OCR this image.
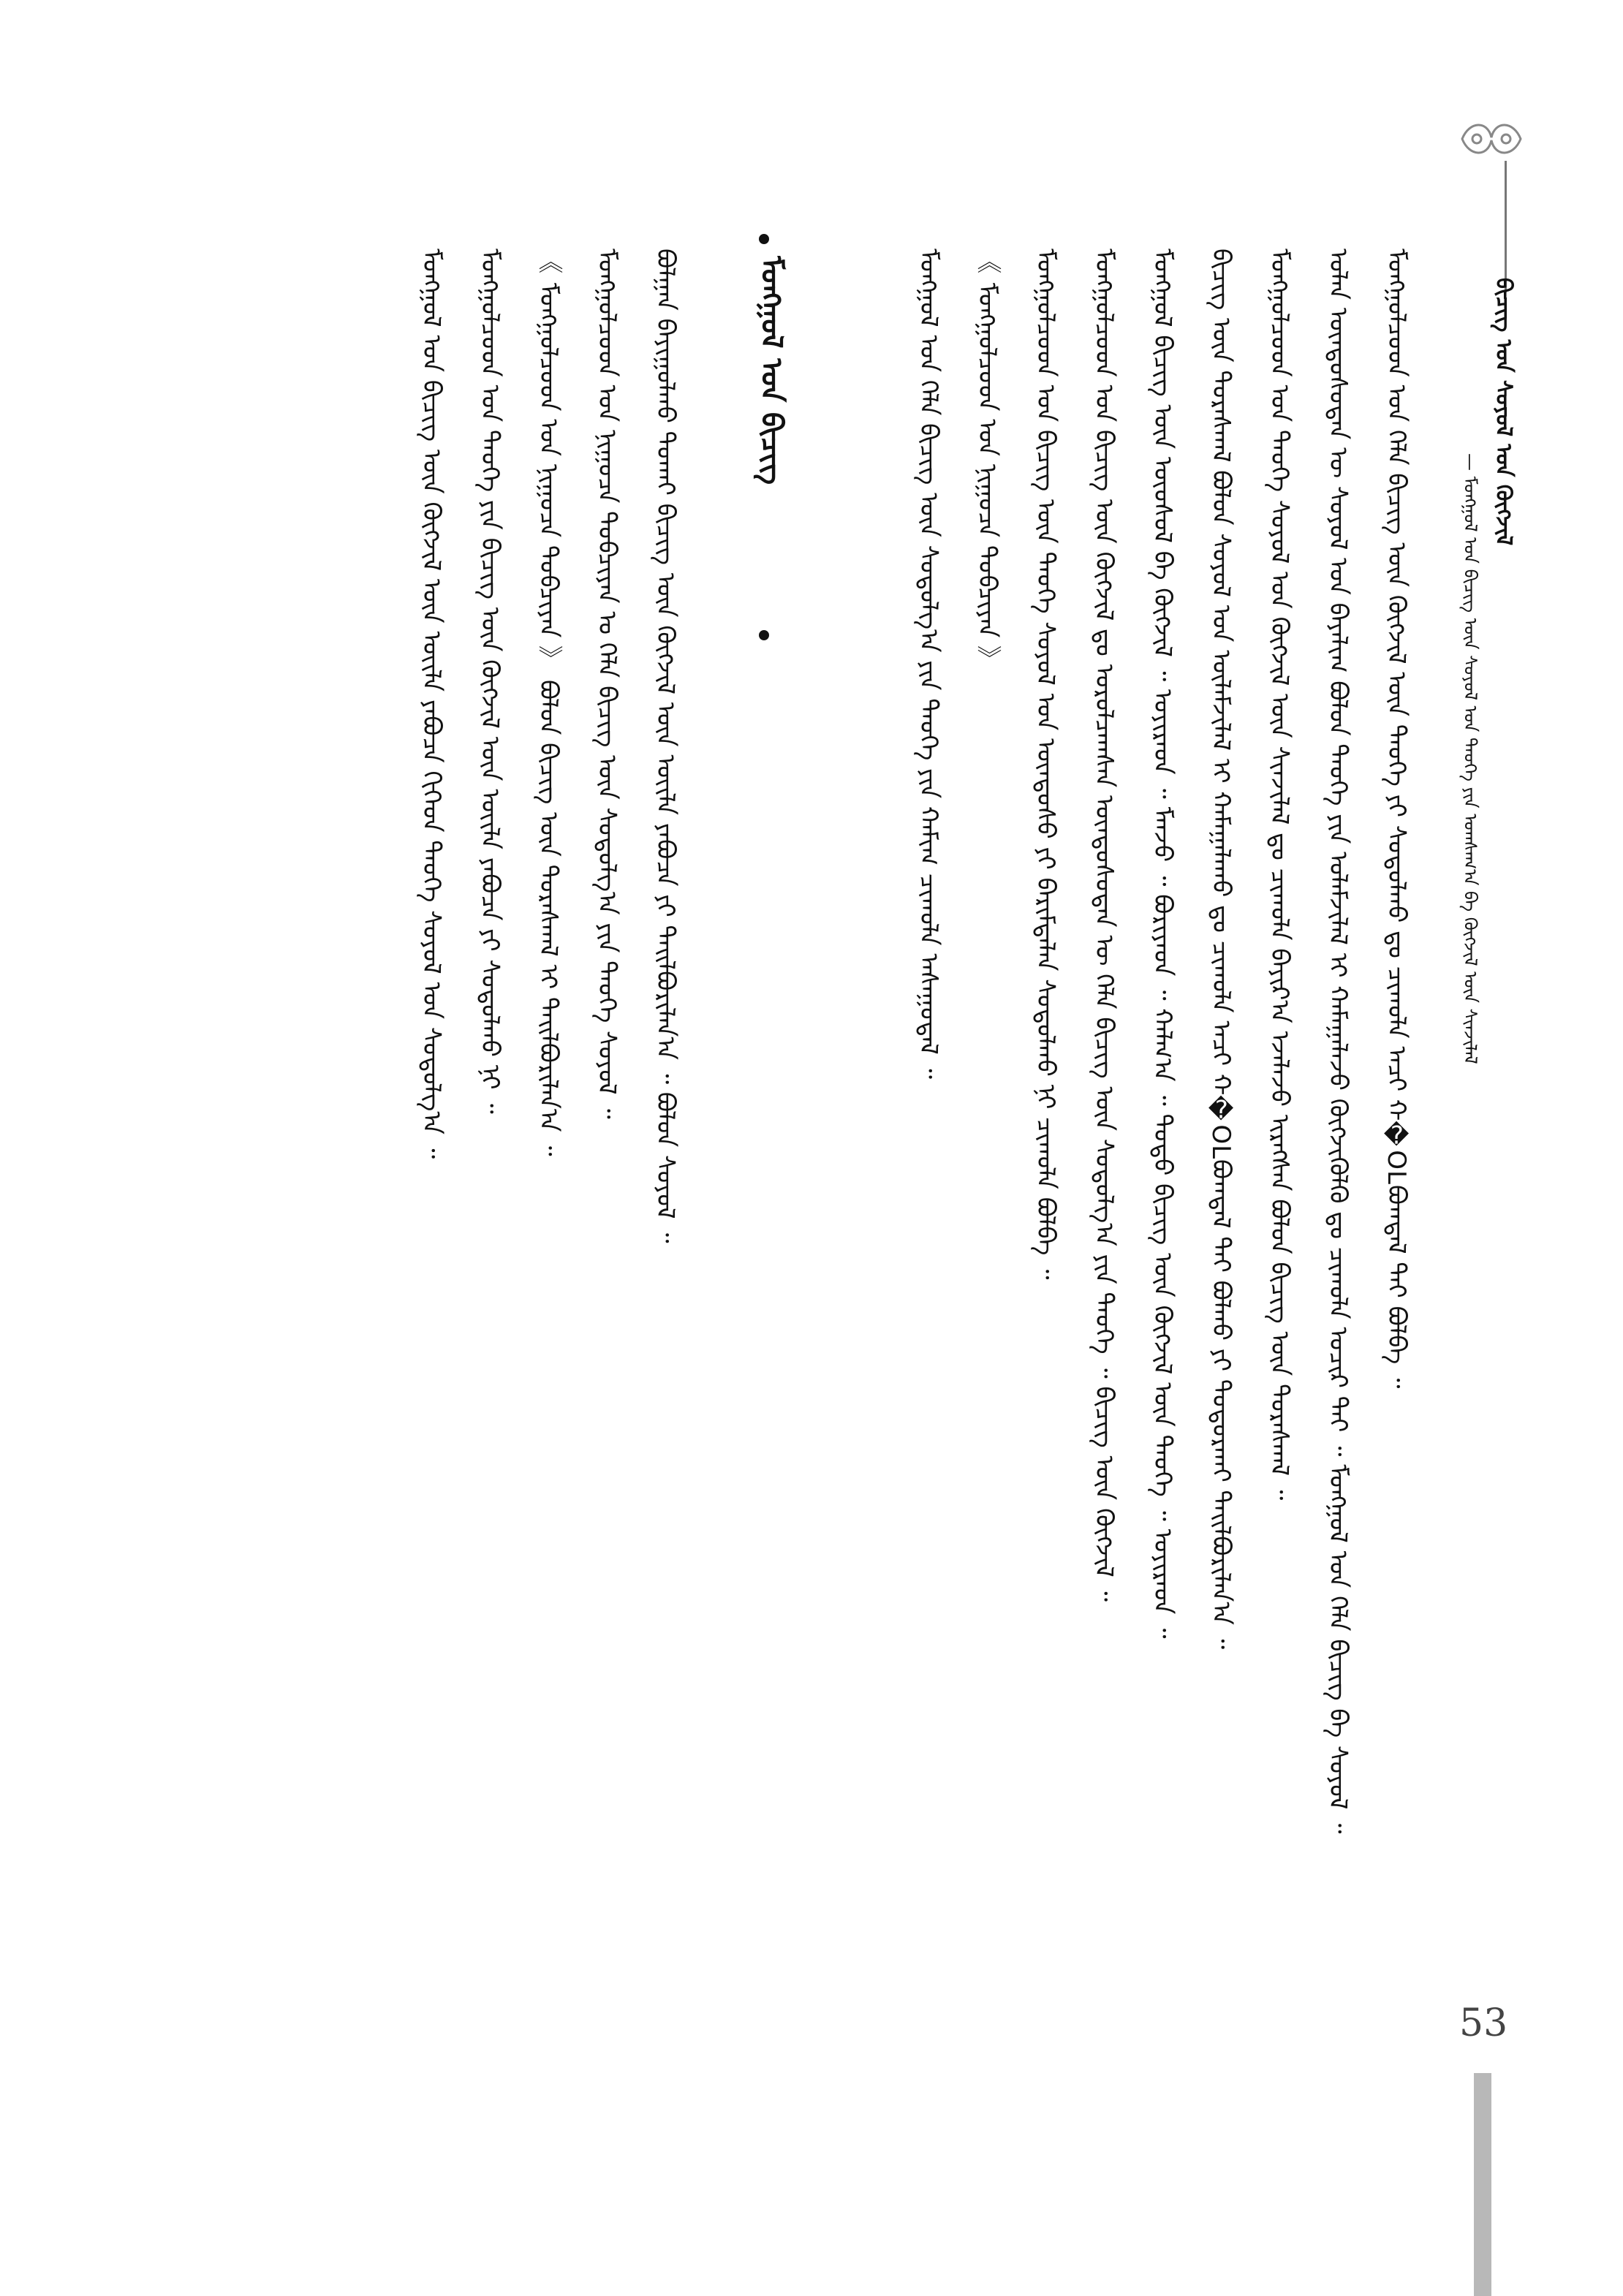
ᠪᠢᠴᠢᠭ᠌ ᠤᠨ ᠰᠤᠶᠤᠯ ᠤᠨ ᠬᠥᠭᠵᠢᠯ
— ᠮᠣᠩᠭᠣᠯ ᠤᠨ ᠪᠢᠴᠢᠭ᠌ ᠦᠨ ᠰᠤᠶᠤᠯ ᠤᠨ ᠲᠡᠦᠬᠡ ᠶᠢᠨ ᠤᠭᠰᠠᠭ᠎ᠠ ᠪᠠ ᠬᠥᠭᠵᠢᠯ ᠦᠨ ᠰᠢᠨᠵᠢᠯᠡᠯ
ᠮᠣᠩᠭᠣᠯᠴᠤᠳ ᠤᠨ ᠬᠡᠯᠡ ᠪᠢᠴᠢᠭ᠌ ᠦᠨ ᠬᠥᠭᠵᠢᠯ ᠦᠨ ᠲᠡᠦᠬᠡ ᠶᠢ ᠰᠤᠳᠤᠯᠬᠤ ᠳᠤ ᠴᠢᠬᠤᠯᠠ ᠠᠴᠢ ᠬ�OLᠪᠣᠭᠳᠠᠯ ᠲᠠᠢ ᠪᠣᠯᠪᠠ ᠃
ᠣᠯᠠᠨ ᠦᠨᠳᠦᠰᠦᠲᠡᠨ ᠦ ᠰᠣᠶᠣᠯ ᠤᠨ ᠪᠠᠶᠠᠯᠢᠭ ᠪᠣᠯᠤᠨ ᠲᠡᠦᠬᠡ ᠶᠢᠨ ᠤᠯᠠᠮᠵᠢᠯᠠᠯ ᠢ ᠬᠠᠮᠠᠭᠠᠯᠠᠵᠤ ᠬᠥᠭᠵᠢᠭᠦᠯᠬᠦ ᠳᠤ ᠴᠢᠬᠤᠯᠠ ᠤᠴᠢᠷ ᠲᠠᠢ ᠃ ᠮᠣᠩᠭᠣᠯ ᠤᠨ ᠬᠡᠯᠡ ᠪᠢᠴᠢᠭ᠌ ᠪᠠ ᠰᠣᠶᠣᠯ ᠃
ᠮᠣᠩᠭᠣᠯᠴᠤᠳ ᠤᠨ ᠲᠡᠦᠬᠡ ᠰᠣᠶᠣᠯ ᠤᠨ ᠬᠥᠭᠵᠢᠯ ᠦᠨ ᠰᠢᠨᠵᠢᠯᠡᠯ ᠳᠤ ᠴᠢᠬᠤᠯᠠ ᠪᠠᠶᠢᠷ᠎ᠠ ᠡᠵᠡᠯᠡᠵᠦ ᠢᠷᠡᠭᠰᠡᠨ ᠪᠣᠯᠤᠨ ᠪᠢᠴᠢᠭ᠌ ᠦᠨ ᠳᠤᠷᠠᠰᠬᠠᠯ ᠃
ᠪᠢᠴᠢᠭ᠌ ᠦᠨ ᠳᠤᠷᠠᠰᠬᠠᠯ ᠪᠣᠯᠤᠨ ᠰᠣᠶᠣᠯ ᠤᠨ ᠦᠯᠡᠮᠵᠢᠯᠡᠯ ᠢ ᠬᠠᠮᠠᠭᠠᠯᠠᠬᠤ ᠳᠤ ᠴᠢᠬᠤᠯᠠ ᠠᠴᠢ ᠬ�OLᠪᠣᠭᠳᠠᠯ ᠲᠠᠢ ᠪᠣᠯᠬᠤ ᠶᠢ ᠲᠣᠳᠣᠷᠬᠠᠢ ᠲᠠᠢᠯᠪᠤᠷᠢᠯᠠᠨ᠎ᠠ ᠃
ᠮᠣᠩᠭᠣᠯ ᠪᠢᠴᠢᠭ᠌ ᠦᠨ ᠦᠦᠰᠦᠯ ᠪᠠ ᠬᠥᠭᠵᠢᠯ ᠃ ᠣᠶᠢᠷᠠᠳ ᠃ ᠮᠠᠨᠵᠤ ᠃ ᠪᠤᠷᠢᠶᠠᠳ ᠃ ᠬᠠᠯᠬ᠎ᠠ ᠃ ᠲᠣᠳᠣ ᠪᠢᠴᠢᠭ᠌ ᠦᠨ ᠬᠥᠭᠵᠢᠯ ᠦᠨ ᠲᠡᠦᠬᠡ ᠃ ᠣᠶᠢᠷᠠᠳ ᠃
ᠮᠣᠩᠭᠣᠯᠴᠤᠳ ᠤᠨ ᠪᠢᠴᠢᠭ᠌ ᠦᠨ ᠬᠥᠭᠵᠢᠯ ᠳᠤ ᠣᠷᠤᠯᠴᠠᠭᠰᠠᠨ ᠦᠨᠳᠦᠰᠦᠲᠡᠨ ᠦ ᠬᠡᠯᠡ ᠪᠢᠴᠢᠭ᠌ ᠦᠨ ᠰᠤᠳᠤᠯᠭ᠎ᠠ ᠶᠢᠨ ᠲᠡᠦᠬᠡ ᠃ ᠪᠢᠴᠢᠭ᠌ ᠦᠨ ᠬᠥᠭᠵᠢᠯ ᠃
ᠮᠣᠩᠭᠣᠯᠴᠤᠳ ᠤᠨ ᠪᠢᠴᠢᠭ᠌ ᠦᠨ ᠲᠡᠦᠬᠡ ᠰᠣᠶᠣᠯ ᠤᠨ ᠦᠨᠳᠦᠰᠦ ᠶᠢ ᠪᠠᠷᠢᠮᠳᠠᠯᠠᠨ ᠰᠤᠳᠤᠯᠬᠤ ᠨᠢ ᠴᠢᠬᠤᠯᠠ ᠪᠣᠯᠪᠠ ᠃
《 ᠮᠣᠩᠭᠣᠯᠴᠤᠳ ᠤᠨ ᠨᠢᠭᠤᠴᠠ ᠲᠣᠪᠴᠢᠶᠠᠨ 》
ᠮᠣᠩᠭᠣᠯ ᠤᠨ ᠬᠡᠯᠡ ᠪᠢᠴᠢᠭ᠌ ᠦᠨ ᠰᠤᠳᠤᠯᠭ᠎ᠠ ᠶᠢᠨ ᠲᠡᠦᠬᠡ ᠶᠢᠨ ᠬᠠᠮᠢᠭ ᠴᠢᠬᠤᠯᠠ ᠠᠰᠠᠭᠤᠳᠠᠯ ᠃
ᠮᠣᠩᠭᠣᠯ ᠤᠨ ᠪᠢᠴᠢᠭ᠌
ᠪᠣᠯᠭᠠᠨ ᠪᠠᠶᠢᠭᠤᠯᠬᠤ ᠲᠤᠬᠠᠢ ᠪᠢᠴᠢᠭ᠌ ᠦᠨ ᠬᠥᠭᠵᠢᠯ ᠦᠨ ᠦᠢᠯᠡ ᠶᠠᠪᠤᠴᠠ ᠶᠢ ᠲᠠᠢᠯᠪᠤᠷᠢᠯᠠᠨ᠎ᠠ ᠃ ᠪᠣᠯᠤᠨ ᠰᠣᠶᠣᠯ ᠃
ᠮᠣᠩᠭᠣᠯᠴᠤᠳ ᠤᠨ ᠨᠢᠭᠤᠴᠠ ᠲᠣᠪᠴᠢᠶᠠᠨ ᠤ ᠬᠡᠯᠡ ᠪᠢᠴᠢᠭ᠌ ᠦᠨ ᠰᠤᠳᠤᠯᠭ᠎ᠠ ᠶᠢᠨ ᠲᠡᠦᠬᠡ ᠰᠣᠶᠣᠯ ᠃
《 ᠮᠣᠩᠭᠣᠯᠴᠤᠳ ᠤᠨ ᠨᠢᠭᠤᠴᠠ ᠲᠣᠪᠴᠢᠶᠠᠨ 》 ᠪᠣᠯᠤᠨ ᠪᠢᠴᠢᠭ᠌ ᠦᠨ ᠳᠤᠷᠠᠰᠬᠠᠯ ᠢ ᠲᠠᠢᠯᠪᠤᠷᠢᠯᠠᠨ᠎ᠠ ᠃
ᠮᠣᠩᠭᠣᠯᠴᠤᠳ ᠤᠨ ᠲᠡᠦᠬᠡ ᠶᠢᠨ ᠪᠢᠴᠢᠭ᠌ ᠦᠨ ᠬᠥᠭᠵᠢᠯ ᠦᠨ ᠦᠢᠯᠡ ᠶᠠᠪᠤᠴᠠ ᠶᠢ ᠰᠤᠳᠤᠯᠬᠤ ᠨᠢ ᠃
ᠮᠣᠩᠭᠣᠯ ᠤᠨ ᠪᠢᠴᠢᠭ᠌ ᠦᠨ ᠬᠥᠭᠵᠢᠯ ᠦᠨ ᠦᠢᠯᠡ ᠶᠠᠪᠤᠴᠠ ᠬᠢᠬᠡᠳ ᠲᠡᠦᠬᠡ ᠰᠣᠶᠣᠯ ᠤᠨ ᠰᠤᠳᠤᠯᠭ᠎ᠠ ᠃
53
